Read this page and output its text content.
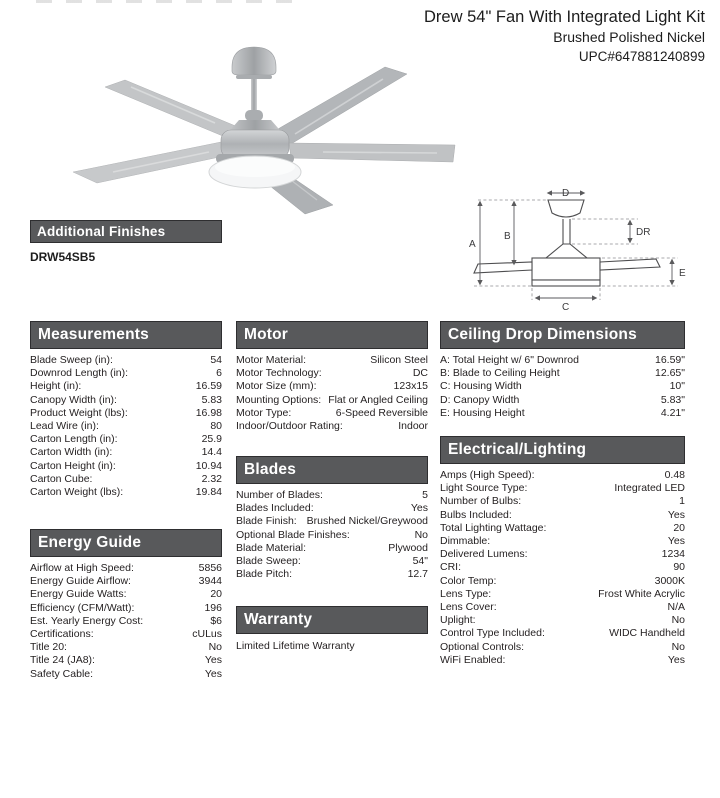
Drew 54" Fan With Integrated Light Kit
Brushed Polished Nickel
UPC#647881240899
A
B
D
DR
E
C
Additional Finishes
DRW54SB5
Measurements
Blade Sweep (in):	54
Downrod Length (in):	6
Height (in):	16.59
Canopy Width (in):	5.83
Product Weight (lbs):	16.98
Lead Wire (in):	80
Carton Length (in):	25.9
Carton Width (in):	14.4
Carton Height (in):	10.94
Carton Cube:	2.32
Carton Weight (lbs):	19.84
Energy Guide
Airflow at High Speed:	5856
Energy Guide Airflow:	3944
Energy Guide Watts:	20
Efficiency (CFM/Watt):	196
Est. Yearly Energy Cost:	$6
Certifications:	cULus
Title 20:	No
Title 24 (JA8):	Yes
Safety Cable:	Yes
Motor
Motor Material:	Silicon Steel
Motor Technology:	DC
Motor Size (mm):	123x15
Mounting Options: Flat or Angled Ceiling
Motor Type:	6-Speed Reversible
Indoor/Outdoor Rating:	Indoor
Blades
Number of Blades:	5
Blades Included:	Yes
Blade Finish: Brushed Nickel/Greywood
Optional Blade Finishes:	No
Blade Material:	Plywood
Blade Sweep:	54"
Blade Pitch:	12.7
Warranty
Limited Lifetime Warranty
Ceiling Drop Dimensions
A: Total Height w/ 6" Downrod	16.59"
B: Blade to Ceiling Height	12.65"
C: Housing Width	10"
D: Canopy Width	5.83"
E: Housing Height	4.21"
Electrical/Lighting
Amps (High Speed):	0.48
Light Source Type:	Integrated LED
Number of Bulbs:	1
Bulbs Included:	Yes
Total Lighting Wattage:	20
Dimmable:	Yes
Delivered Lumens:	1234
CRI:	90
Color Temp:	3000K
Lens Type:	Frost White Acrylic
Lens Cover:	N/A
Uplight:	No
Control Type Included:	WIDC Handheld
Optional Controls:	No
WiFi Enabled:	Yes
